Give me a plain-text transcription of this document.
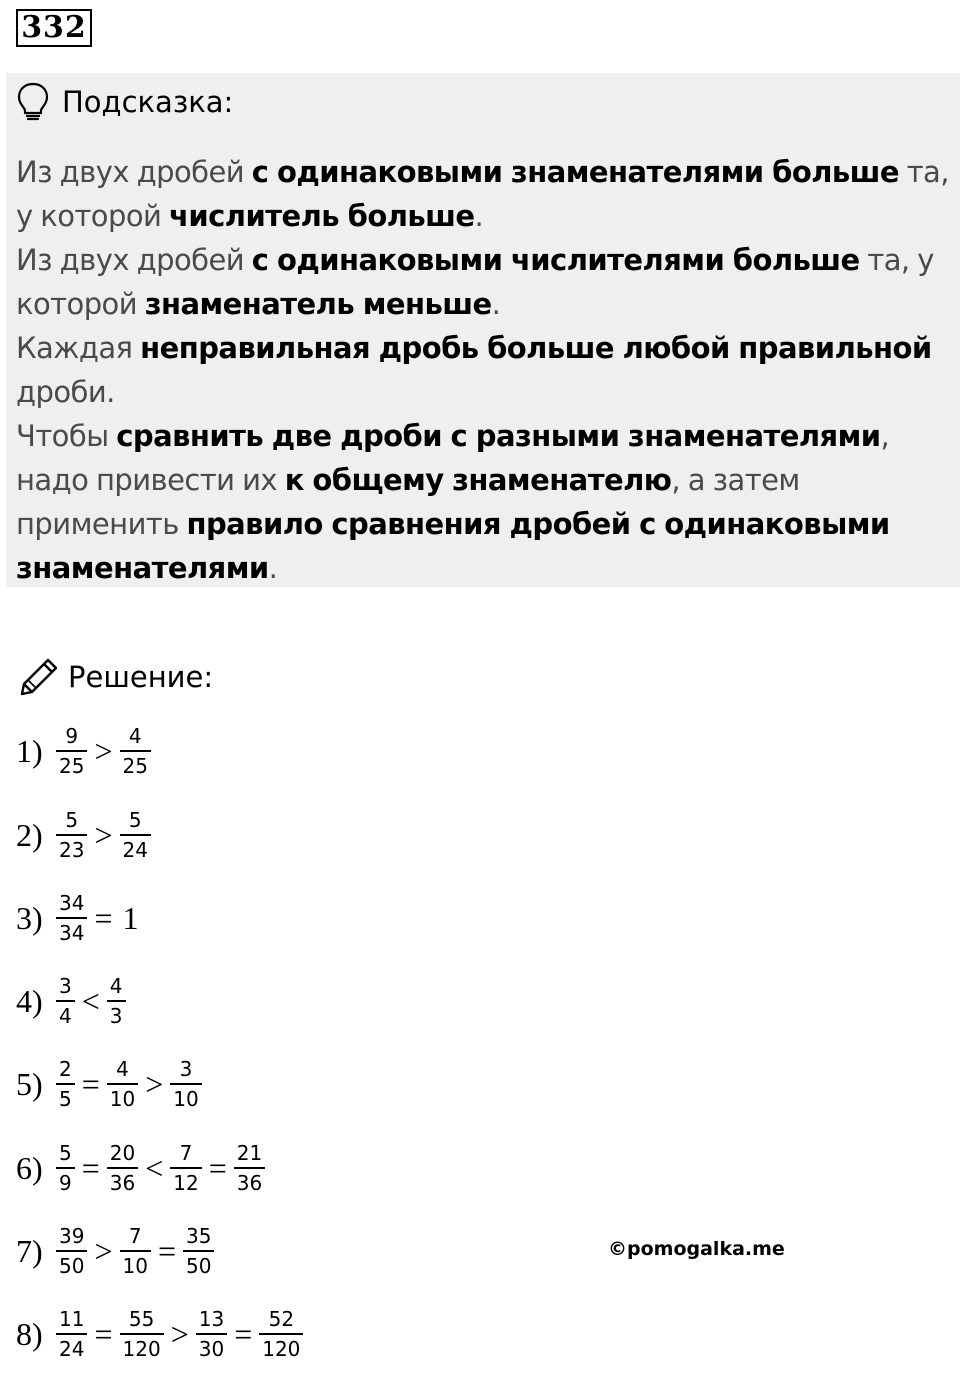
332
Подсказка:

Из двух дробей с одинаковыми знаменателями больше та, у которой числитель больше.

Из двух дробей с одинаковыми числителями больше та, у которой знаменатель меньше.

Каждая неправильная дробь больше любой правильной дроби.

Чтобы сравнить две дроби с разными знаменателями, надо привести их к общему знаменателю, а затем применить правило сравнения дробей с одинаковыми знаменателями.

Решение:
$1) \frac{9}{25} > \frac{4}{25}$
$2) \frac{5}{23} > \frac{5}{24}$
$3) \frac{34}{34} = 1$
$4) \frac{3}{4} < \frac{4}{3}$
$5) \frac{2}{5} = \frac{4}{10} > \frac{3}{10}$
$6) \frac{5}{9} = \frac{20}{36} < \frac{7}{12} = \frac{21}{36}$
$7) \frac{39}{50} > \frac{7}{10} = \frac{35}{50}$
$8) \frac{11}{24} = \frac{55}{120} > \frac{13}{30} = \frac{52}{120}$
©pomogalka.me
